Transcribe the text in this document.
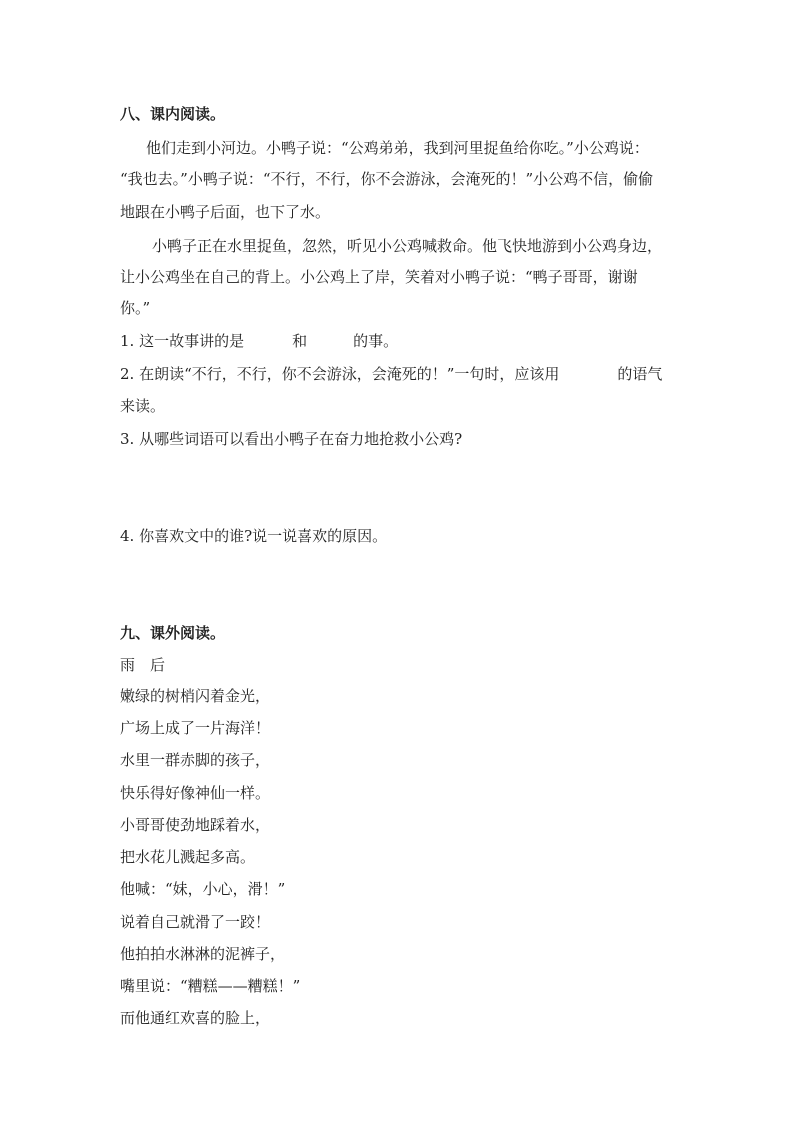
八、课内阅读。
他们走到小河边。小鸭子说：“公鸡弟弟，我到河里捉鱼给你吃。”小公鸡说：
“我也去。”小鸭子说：“不行，不行，你不会游泳，会淹死的！”小公鸡不信，偷偷
地跟在小鸭子后面，也下了水。
小鸭子正在水里捉鱼，忽然，听见小公鸡喊救命。他飞快地游到小公鸡身边，
让小公鸡坐在自己的背上。小公鸡上了岸，笑着对小鸭子说：“鸭子哥哥，谢谢
你。”
1. 这一故事讲的是	和	的事。
2. 在朗读“不行，不行，你不会游泳，会淹死的！”一句时，应该用	的语气
来读。
3. 从哪些词语可以看出小鸭子在奋力地抢救小公鸡?
4. 你喜欢文中的谁?说一说喜欢的原因。
九、课外阅读。
雨　后
嫩绿的树梢闪着金光，
广场上成了一片海洋！
水里一群赤脚的孩子，
快乐得好像神仙一样。
小哥哥使劲地踩着水，
把水花儿溅起多高。
他喊：“妹，小心，滑！”
说着自己就滑了一跤！
他拍拍水淋淋的泥裤子，
嘴里说：“糟糕——糟糕！”
而他通红欢喜的脸上，
